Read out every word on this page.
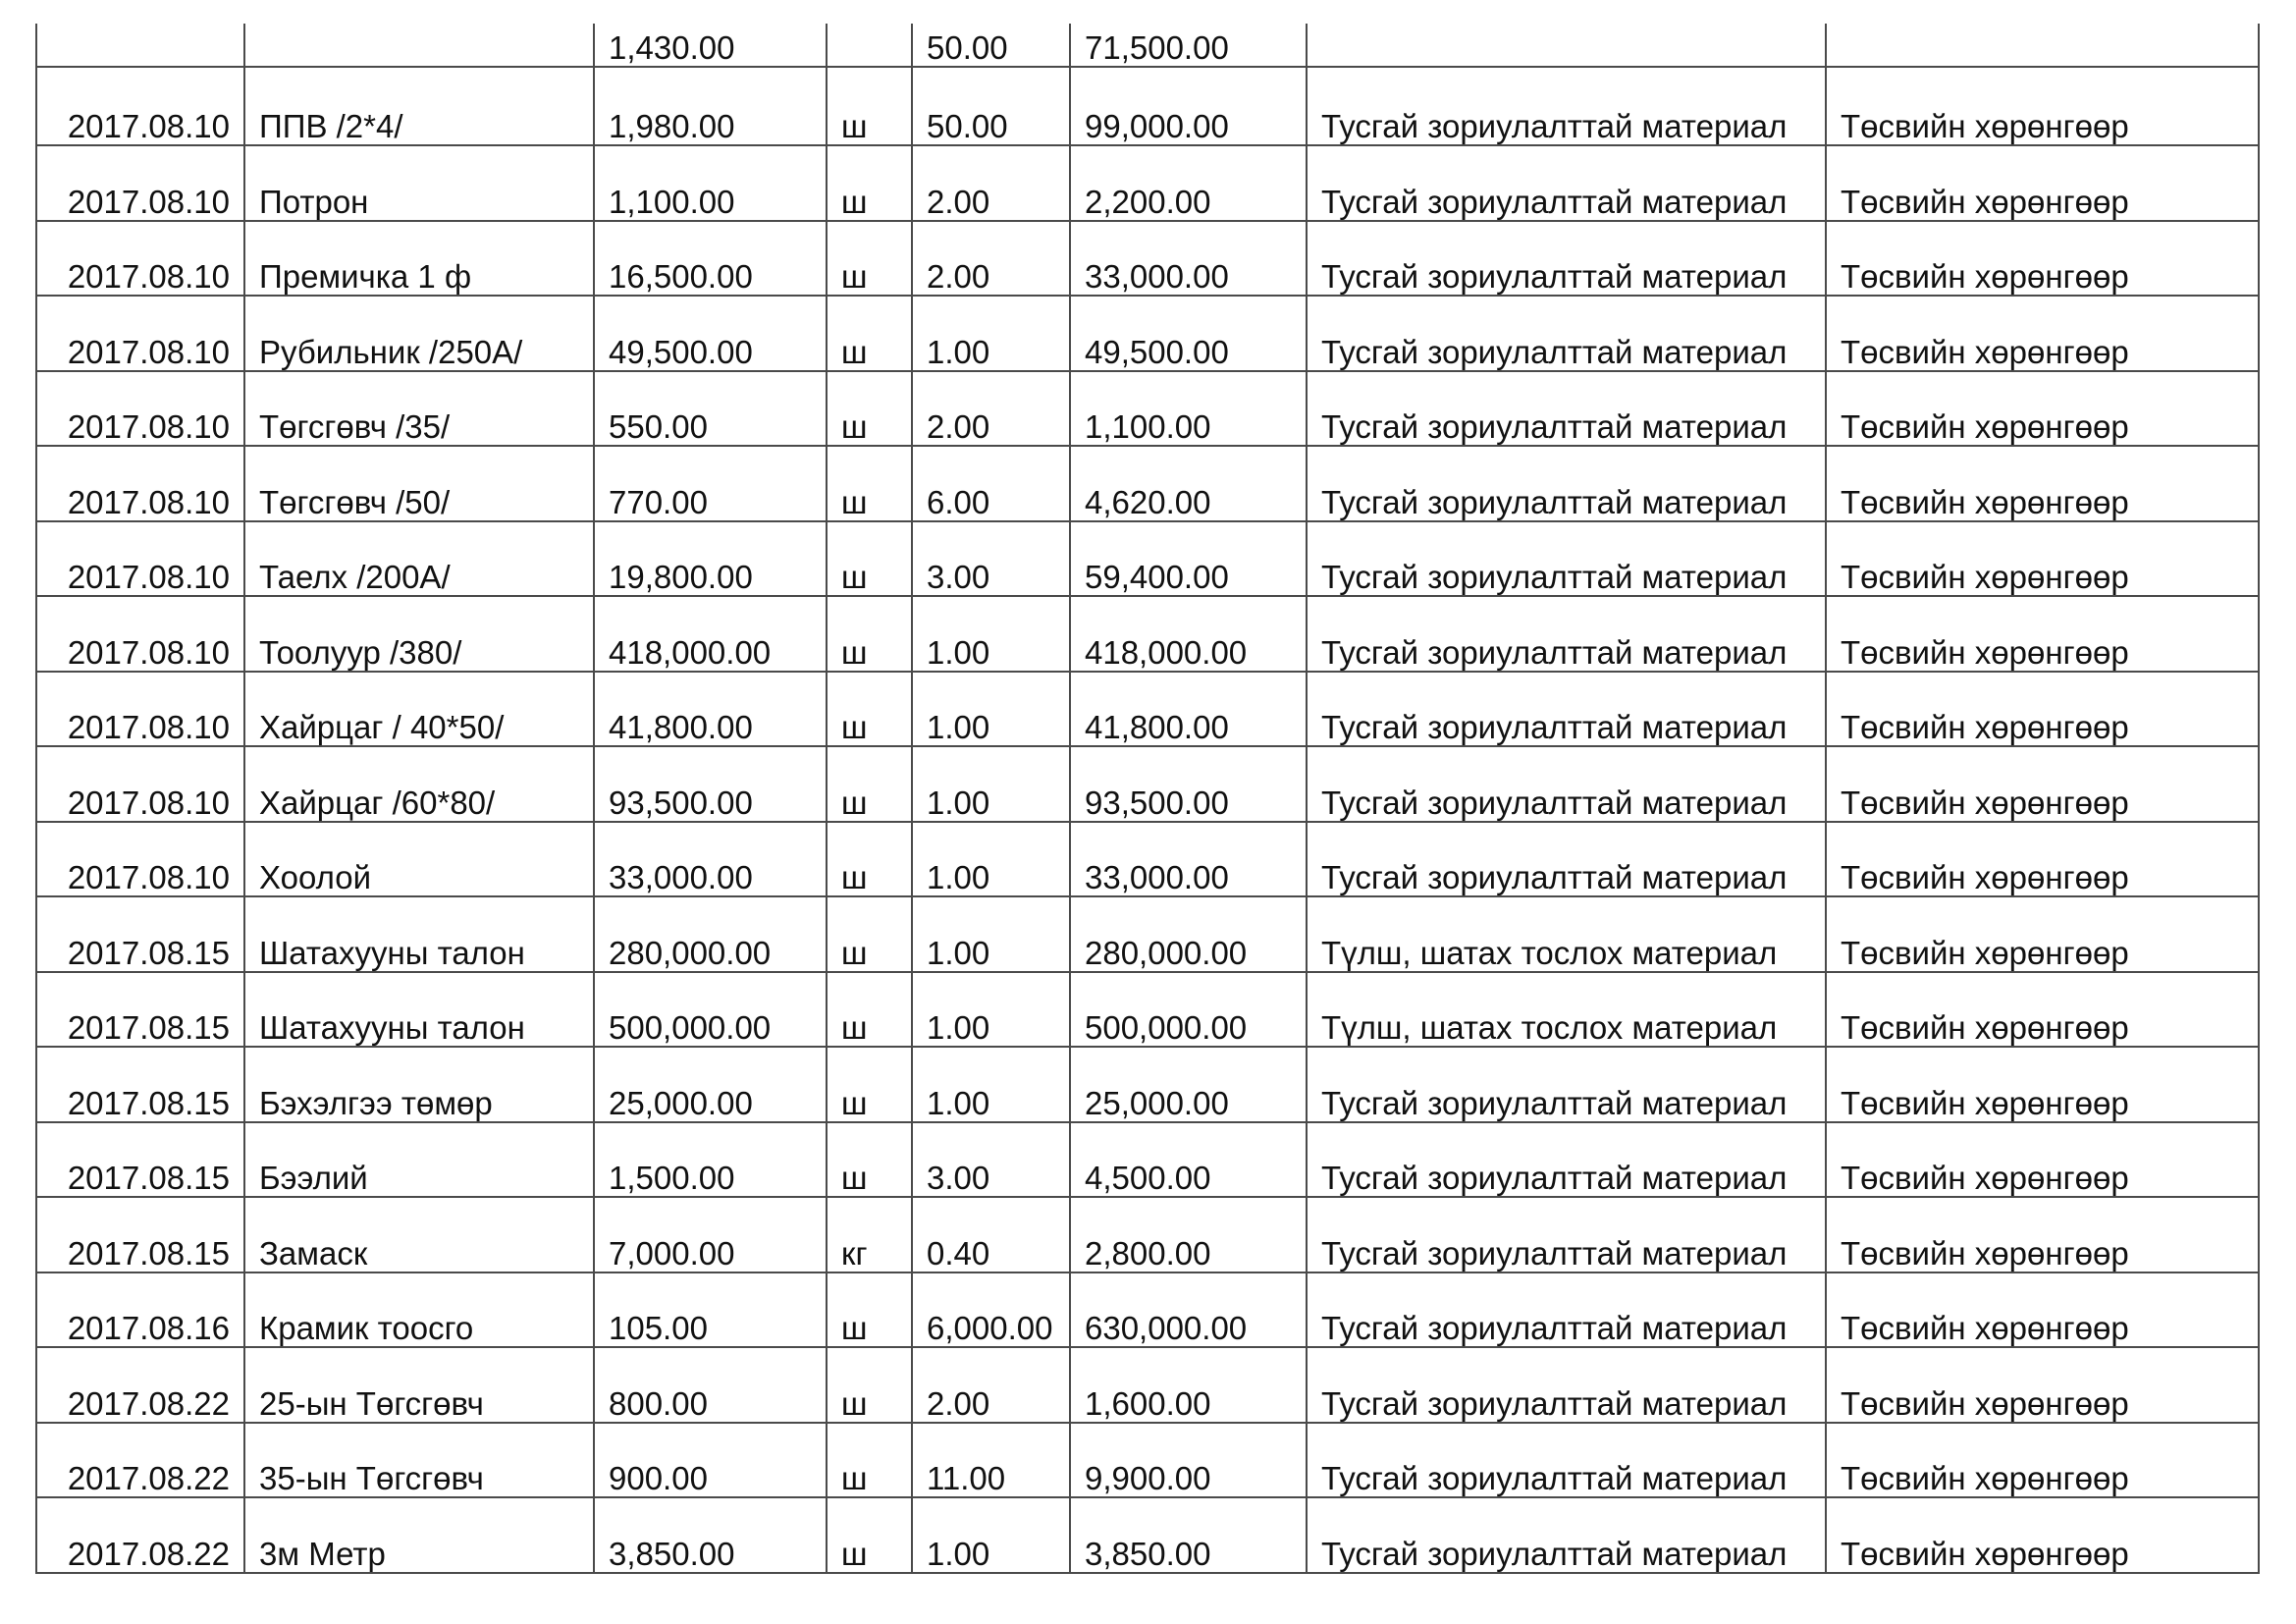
		1,430.00		50.00	71,500.00		
2017.08.10	ППВ /2*4/	1,980.00	ш	50.00	99,000.00	Тусгай зориулалттай материал	Төсвийн хөрөнгөөр
2017.08.10	Потрон	1,100.00	ш	2.00	2,200.00	Тусгай зориулалттай материал	Төсвийн хөрөнгөөр
2017.08.10	Премичка 1 ф	16,500.00	ш	2.00	33,000.00	Тусгай зориулалттай материал	Төсвийн хөрөнгөөр
2017.08.10	Рубильник /250А/	49,500.00	ш	1.00	49,500.00	Тусгай зориулалттай материал	Төсвийн хөрөнгөөр
2017.08.10	Төгсгөвч /35/	550.00	ш	2.00	1,100.00	Тусгай зориулалттай материал	Төсвийн хөрөнгөөр
2017.08.10	Төгсгөвч /50/	770.00	ш	6.00	4,620.00	Тусгай зориулалттай материал	Төсвийн хөрөнгөөр
2017.08.10	Таелх /200А/	19,800.00	ш	3.00	59,400.00	Тусгай зориулалттай материал	Төсвийн хөрөнгөөр
2017.08.10	Тоолуур /380/	418,000.00	ш	1.00	418,000.00	Тусгай зориулалттай материал	Төсвийн хөрөнгөөр
2017.08.10	Хайрцаг / 40*50/	41,800.00	ш	1.00	41,800.00	Тусгай зориулалттай материал	Төсвийн хөрөнгөөр
2017.08.10	Хайрцаг /60*80/	93,500.00	ш	1.00	93,500.00	Тусгай зориулалттай материал	Төсвийн хөрөнгөөр
2017.08.10	Хоолой	33,000.00	ш	1.00	33,000.00	Тусгай зориулалттай материал	Төсвийн хөрөнгөөр
2017.08.15	Шатахууны талон	280,000.00	ш	1.00	280,000.00	Түлш, шатах тослох материал	Төсвийн хөрөнгөөр
2017.08.15	Шатахууны талон	500,000.00	ш	1.00	500,000.00	Түлш, шатах тослох материал	Төсвийн хөрөнгөөр
2017.08.15	Бэхэлгээ төмөр	25,000.00	ш	1.00	25,000.00	Тусгай зориулалттай материал	Төсвийн хөрөнгөөр
2017.08.15	Бээлий	1,500.00	ш	3.00	4,500.00	Тусгай зориулалттай материал	Төсвийн хөрөнгөөр
2017.08.15	Замаск	7,000.00	кг	0.40	2,800.00	Тусгай зориулалттай материал	Төсвийн хөрөнгөөр
2017.08.16	Крамик тоосго	105.00	ш	6,000.00	630,000.00	Тусгай зориулалттай материал	Төсвийн хөрөнгөөр
2017.08.22	25-ын Төгсгөвч	800.00	ш	2.00	1,600.00	Тусгай зориулалттай материал	Төсвийн хөрөнгөөр
2017.08.22	35-ын Төгсгөвч	900.00	ш	11.00	9,900.00	Тусгай зориулалттай материал	Төсвийн хөрөнгөөр
2017.08.22	3м Метр	3,850.00	ш	1.00	3,850.00	Тусгай зориулалттай материал	Төсвийн хөрөнгөөр
